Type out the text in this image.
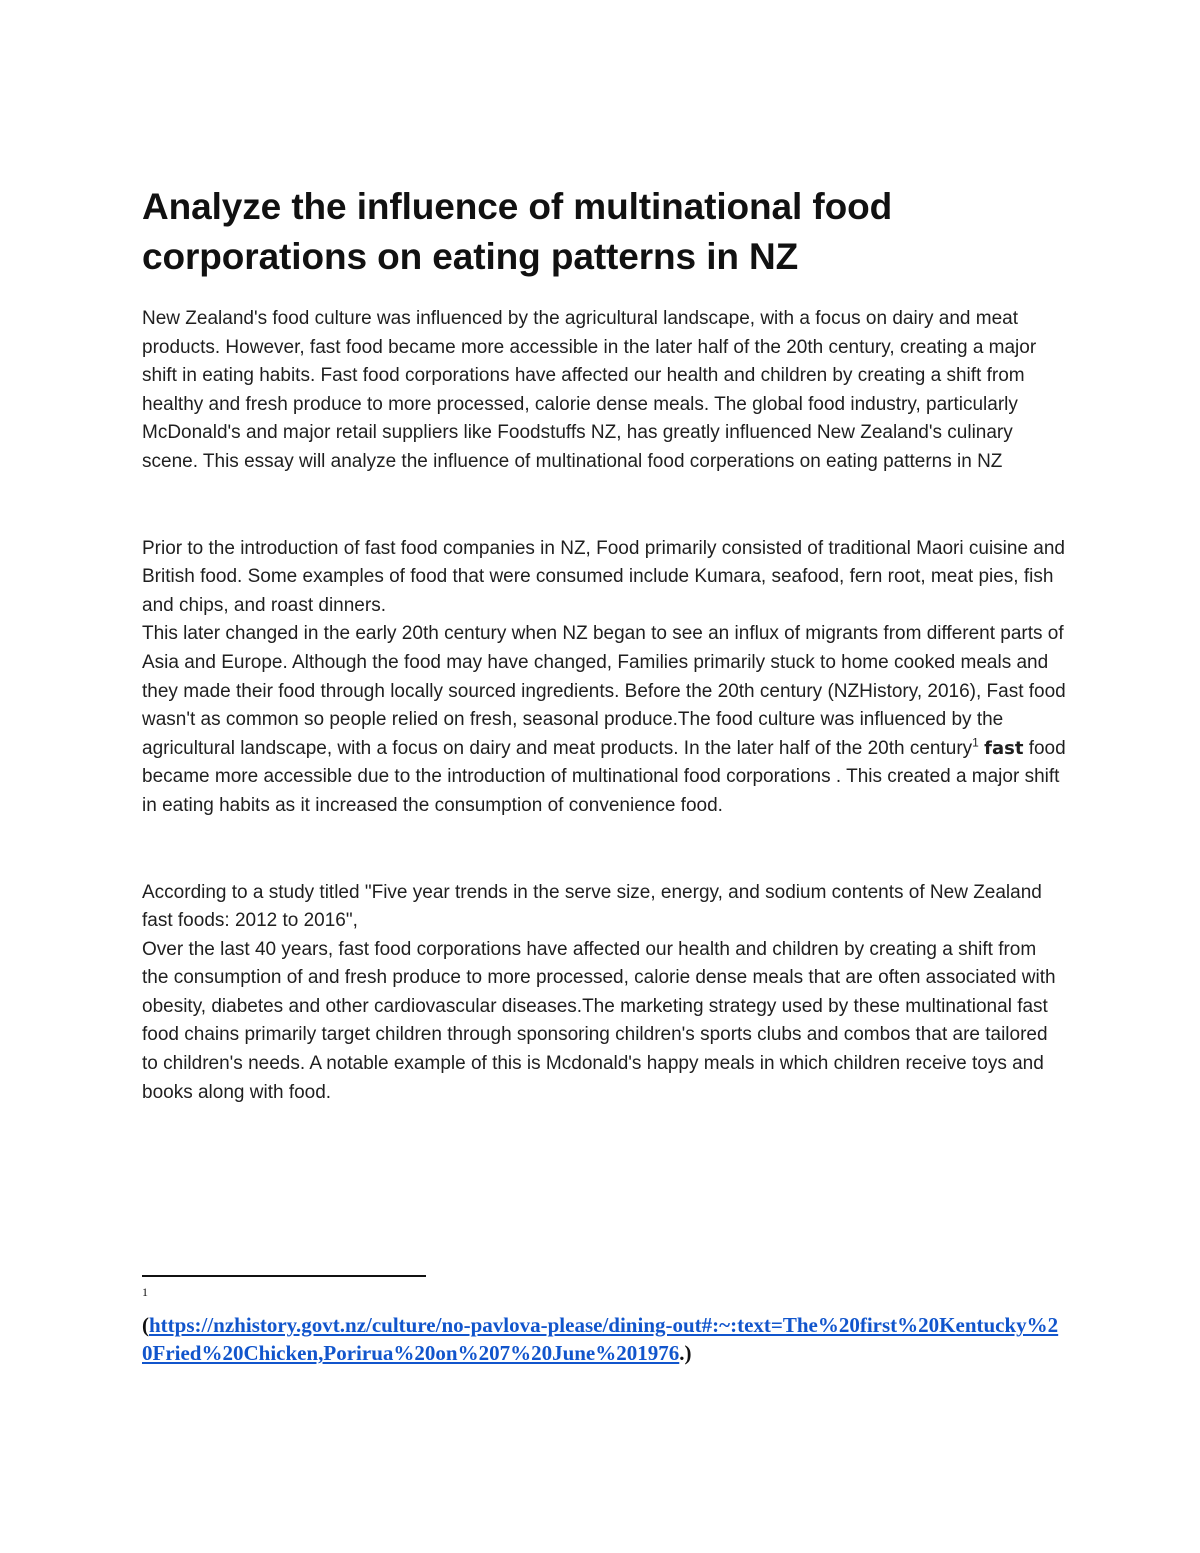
Analyze the influence of multinational food corporations on eating patterns in NZ

New Zealand's food culture was influenced by the agricultural landscape, with a focus on dairy and meat products. However, fast food became more accessible in the later half of the 20th century, creating a major shift in eating habits. Fast food corporations have affected our health and children by creating a shift from healthy and fresh produce to more processed, calorie dense meals. The global food industry, particularly McDonald's and major retail suppliers like Foodstuffs NZ, has greatly influenced New Zealand's culinary scene. This essay will analyze the influence of multinational food corperations on eating patterns in NZ

Prior to the introduction of fast food companies in NZ, Food primarily consisted of traditional Maori cuisine and British food. Some examples of food that were consumed include Kumara, seafood, fern root, meat pies, fish and chips, and roast dinners.

This later changed in the early 20th century when NZ began to see an influx of migrants from different parts of Asia and Europe. Although the food may have changed, Families primarily stuck to home cooked meals and they made their food through locally sourced ingredients. Before the 20th century (NZHistory, 2016), Fast food wasn't as common so people relied on fresh, seasonal produce.The food culture was influenced by the agricultural landscape, with a focus on dairy and meat products. In the later half of the 20th century$^1$ fast food became more accessible due to the introduction of multinational food corporations . This created a major shift in eating habits as it increased the consumption of convenience food.

According to a study titled "Five year trends in the serve size, energy, and sodium contents of New Zealand fast foods: 2012 to 2016",

Over the last 40 years, fast food corporations have affected our health and children by creating a shift from the consumption of and fresh produce to more processed, calorie dense meals that are often associated with obesity, diabetes and other cardiovascular diseases.The marketing strategy used by these multinational fast food chains primarily target children through sponsoring children's sports clubs and combos that are tailored to children's needs. A notable example of this is Mcdonald's happy meals in which children receive toys and books along with food.

1
(https://nzhistory.govt.nz/culture/no-pavlova-please/dining-out#:~:text=The%20first%20Kentucky%20Fried%20Chicken,Porirua%20on%207%20June%201976.)
